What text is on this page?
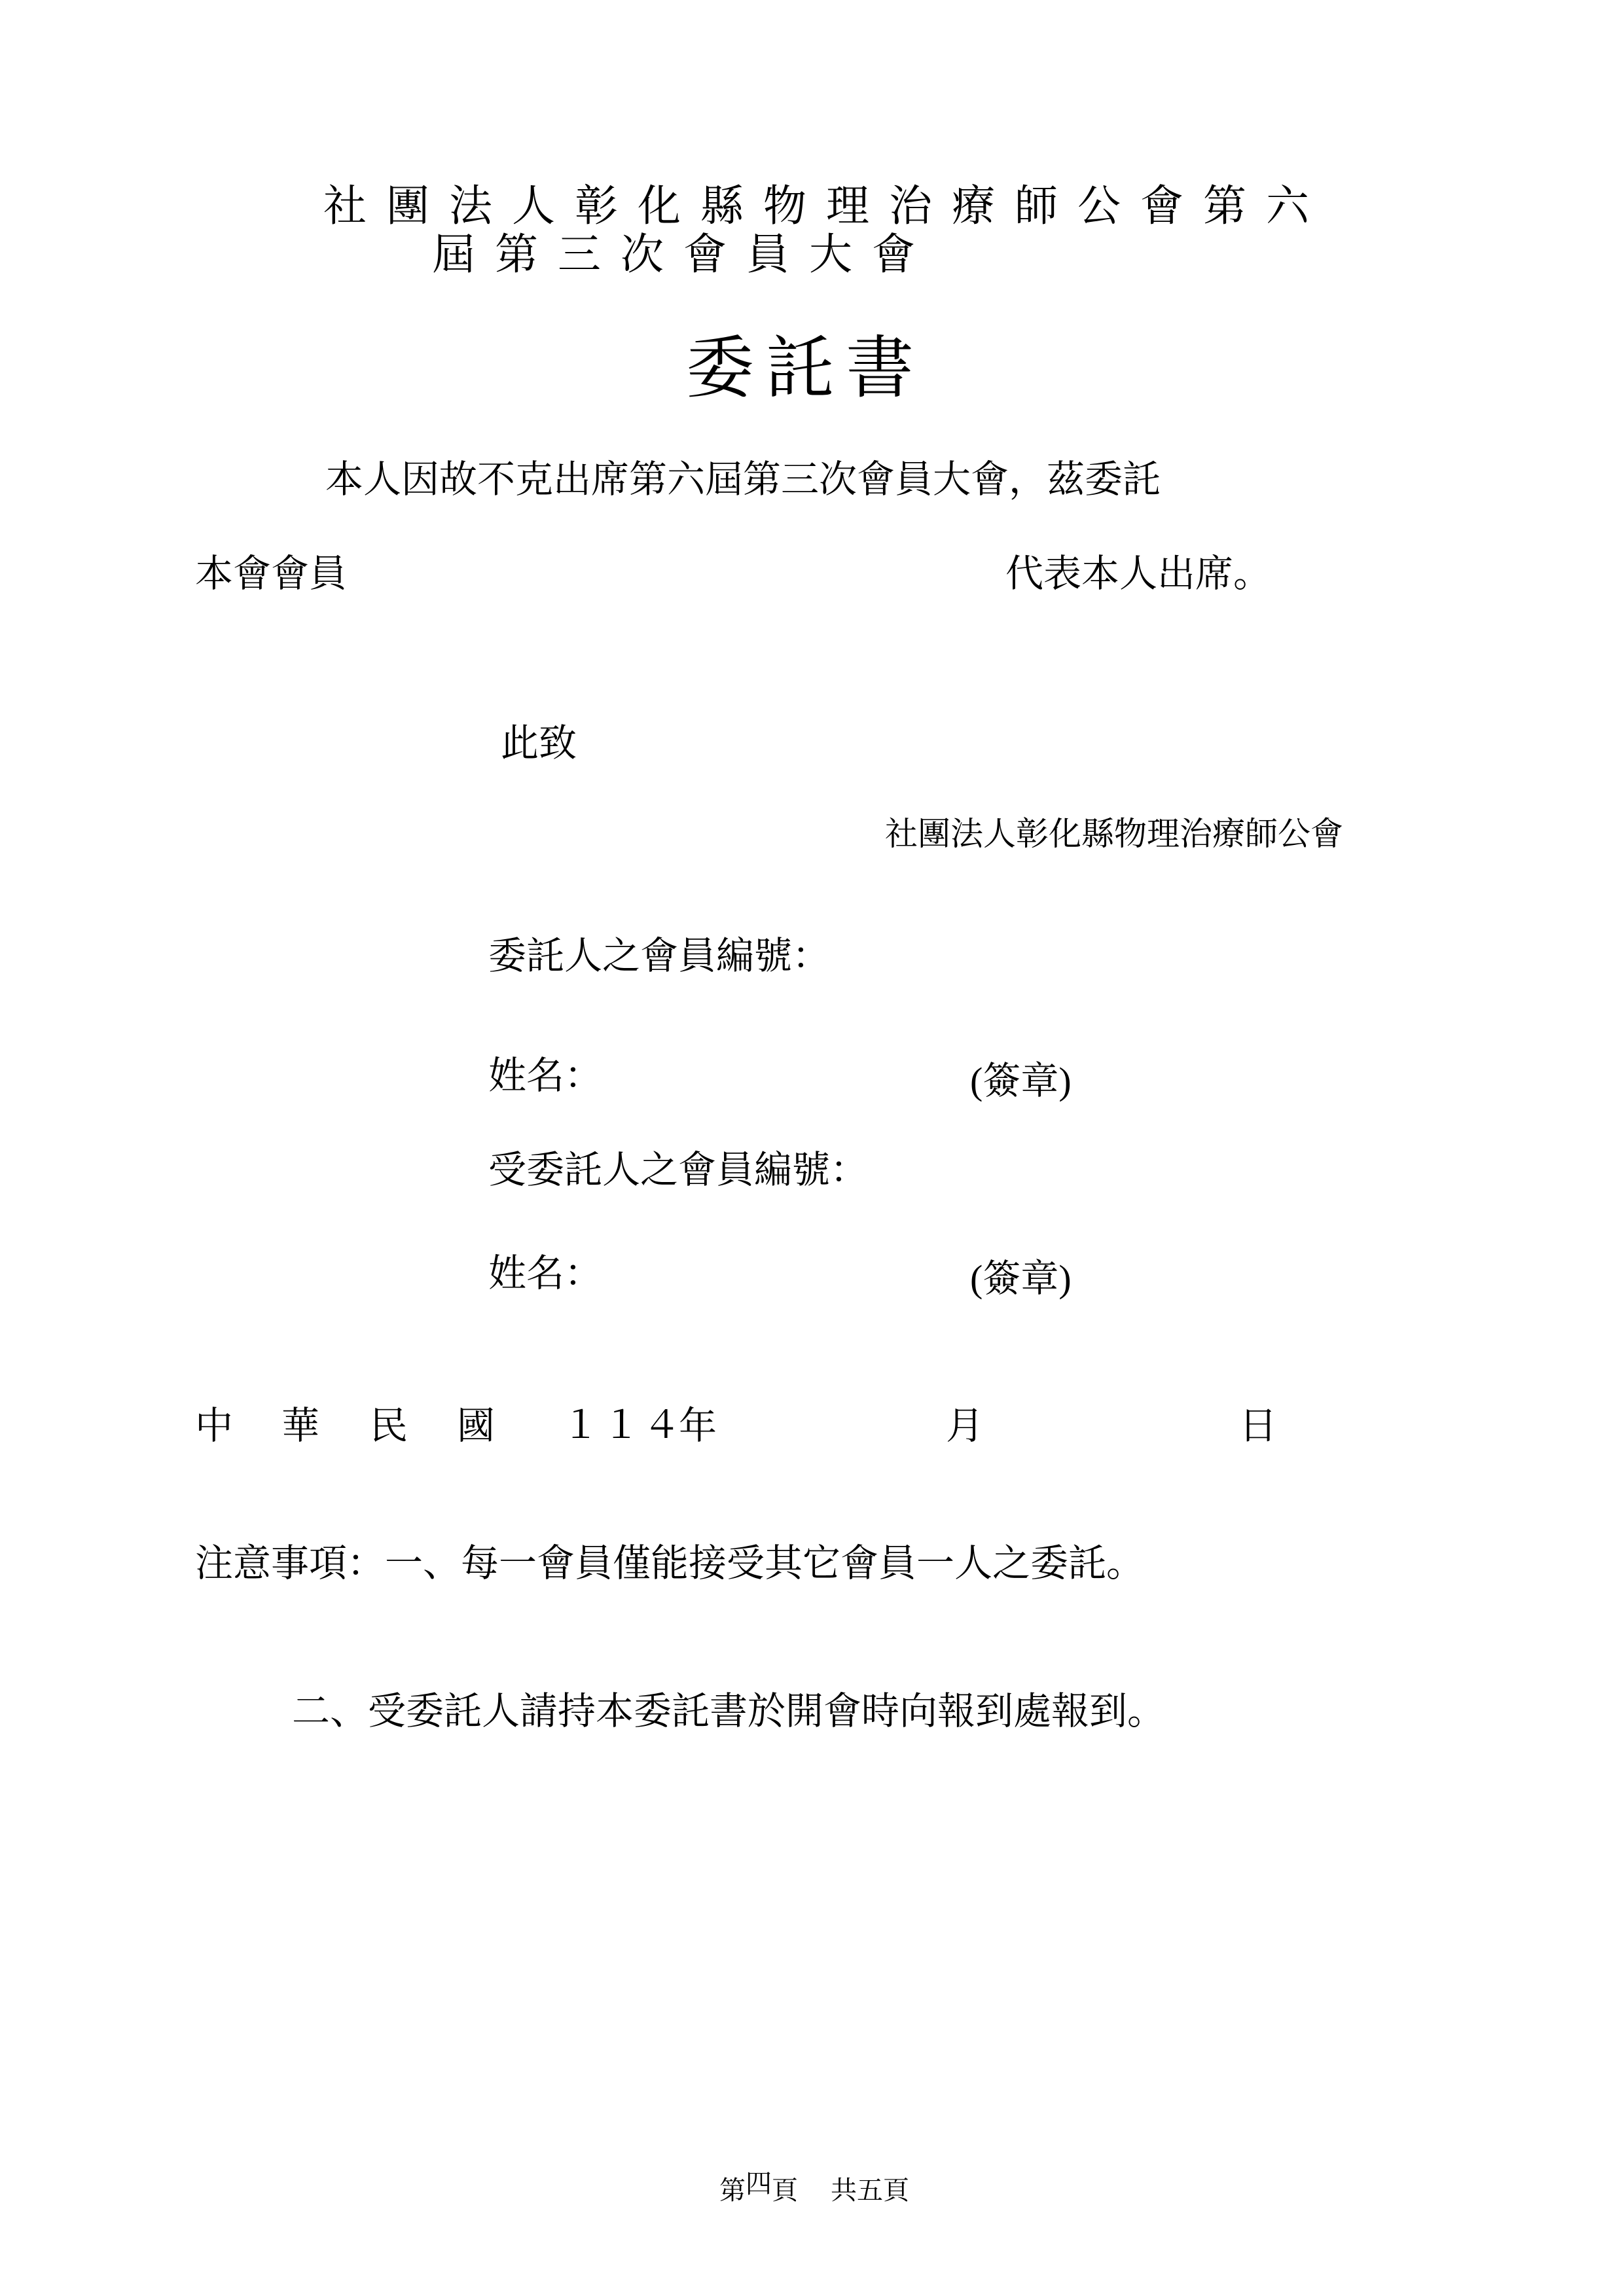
社團法人彰化縣物理治療師公會第六
屆第三次會員大會
委託書
本人因故不克出席第六屆第三次會員大會，茲委託
本會會員	代表本人出席。
此致
社團法人彰化縣物理治療師公會
委託人之會員編號：
姓名：	(簽章)
受委託人之會員編號：
姓名：	(簽章)
中 華 民 國 １１４
年	月	日
注意事項：一、每一會員僅能接受其它會員一人之委託。
二、受委託人請持本委託書於開會時向報到處報到。
第四頁 共五頁
